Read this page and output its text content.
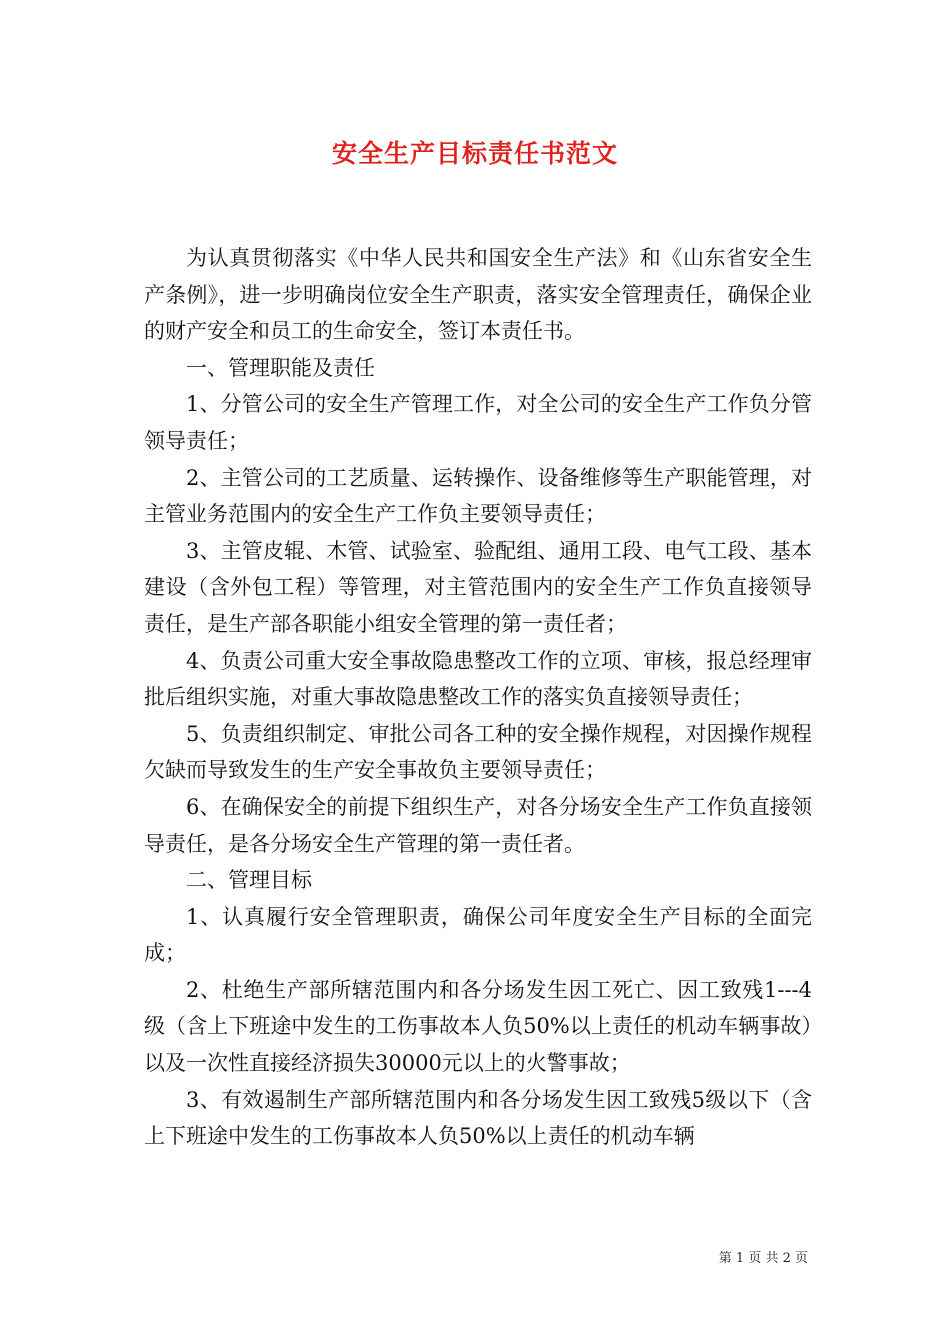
安全生产目标责任书范文

为认真贯彻落实《中华人民共和国安全生产法》和《山东省安全生产条例》，进一步明确岗位安全生产职责，落实安全管理责任，确保企业的财产安全和员工的生命安全，签订本责任书。

一、管理职能及责任

1、分管公司的安全生产管理工作，对全公司的安全生产工作负分管领导责任；

2、主管公司的工艺质量、运转操作、设备维修等生产职能管理，对主管业务范围内的安全生产工作负主要领导责任；

3、主管皮辊、木管、试验室、验配组、通用工段、电气工段、基本建设（含外包工程）等管理，对主管范围内的安全生产工作负直接领导责任，是生产部各职能小组安全管理的第一责任者；

4、负责公司重大安全事故隐患整改工作的立项、审核，报总经理审批后组织实施，对重大事故隐患整改工作的落实负直接领导责任；

5、负责组织制定、审批公司各工种的安全操作规程，对因操作规程欠缺而导致发生的生产安全事故负主要领导责任；

6、在确保安全的前提下组织生产，对各分场安全生产工作负直接领导责任，是各分场安全生产管理的第一责任者。

二、管理目标

1、认真履行安全管理职责，确保公司年度安全生产目标的全面完成；

2、杜绝生产部所辖范围内和各分场发生因工死亡、因工致残1---4级（含上下班途中发生的工伤事故本人负50%以上责任的机动车辆事故）以及一次性直接经济损失30000元以上的火警事故；

3、有效遏制生产部所辖范围内和各分场发生因工致残5级以下（含上下班途中发生的工伤事故本人负50%以上责任的机动车辆

第 1 页 共 2 页
